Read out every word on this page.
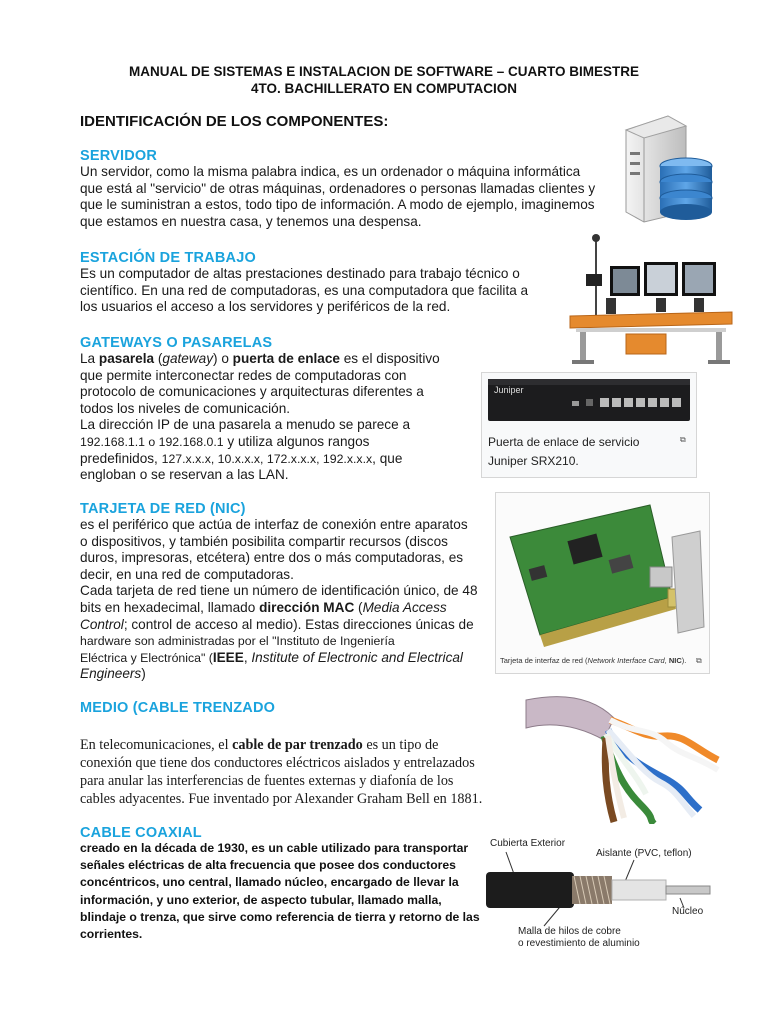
MANUAL DE SISTEMAS E INSTALACION DE SOFTWARE – CUARTO BIMESTRE
4TO. BACHILLERATO EN COMPUTACION
IDENTIFICACIÓN DE LOS COMPONENTES:
SERVIDOR
Un servidor, como la misma palabra indica, es un ordenador o máquina informática
que está al "servicio" de otras máquinas, ordenadores o personas llamadas clientes y
que le suministran a estos, todo tipo de información. A modo de ejemplo, imaginemos
que estamos en nuestra casa, y tenemos una despensa.
ESTACIÓN DE TRABAJO
Es un computador de altas prestaciones destinado para trabajo técnico o
científico. En una red de computadoras, es una computadora que facilita a
los usuarios el acceso a los servidores y periféricos de la red.
GATEWAYS O PASARELAS
La pasarela (gateway) o puerta de enlace es el dispositivo
que permite interconectar redes de computadoras con
protocolo de comunicaciones y arquitecturas diferentes a
todos los niveles de comunicación.
La dirección IP de una pasarela a menudo se parece a
192.168.1.1 o 192.168.0.1 y utiliza algunos rangos
predefinidos, 127.x.x.x, 10.x.x.x, 172.x.x.x, 192.x.x.x, que
engloban o se reservan a las LAN.
Juniper
Puerta de enlace de servicio
Juniper SRX210.
⧉
TARJETA DE RED (NIC)
es el periférico que actúa de interfaz de conexión entre aparatos
o dispositivos, y también posibilita compartir recursos (discos
duros, impresoras, etcétera) entre dos o más computadoras, es
decir, en una red de computadoras.
Cada tarjeta de red tiene un número de identificación único, de 48
bits en hexadecimal, llamado dirección MAC (Media Access
Control; control de acceso al medio). Estas direcciones únicas de
hardware son administradas por el "Instituto de Ingeniería
Eléctrica y Electrónica" (IEEE, Institute of Electronic and Electrical
Engineers)
Tarjeta de interfaz de red (Network Interface Card, NIC). ⧉
MEDIO (CABLE TRENZADO
En telecomunicaciones, el cable de par trenzado es un tipo de
conexión que tiene dos conductores eléctricos aislados y entrelazados
para anular las interferencias de fuentes externas y diafonía de los
cables adyacentes. Fue inventado por Alexander Graham Bell en 1881.
CABLE COAXIAL
creado en la década de 1930, es un cable utilizado para transportar
señales eléctricas de alta frecuencia que posee dos conductores
concéntricos, uno central, llamado núcleo, encargado de llevar la
información, y uno exterior, de aspecto tubular, llamado malla,
blindaje o trenza, que sirve como referencia de tierra y retorno de las
corrientes.
Cubierta Exterior
Aislante (PVC, teflon)
Núcleo
Malla de hilos de cobre
o revestimiento de aluminio
